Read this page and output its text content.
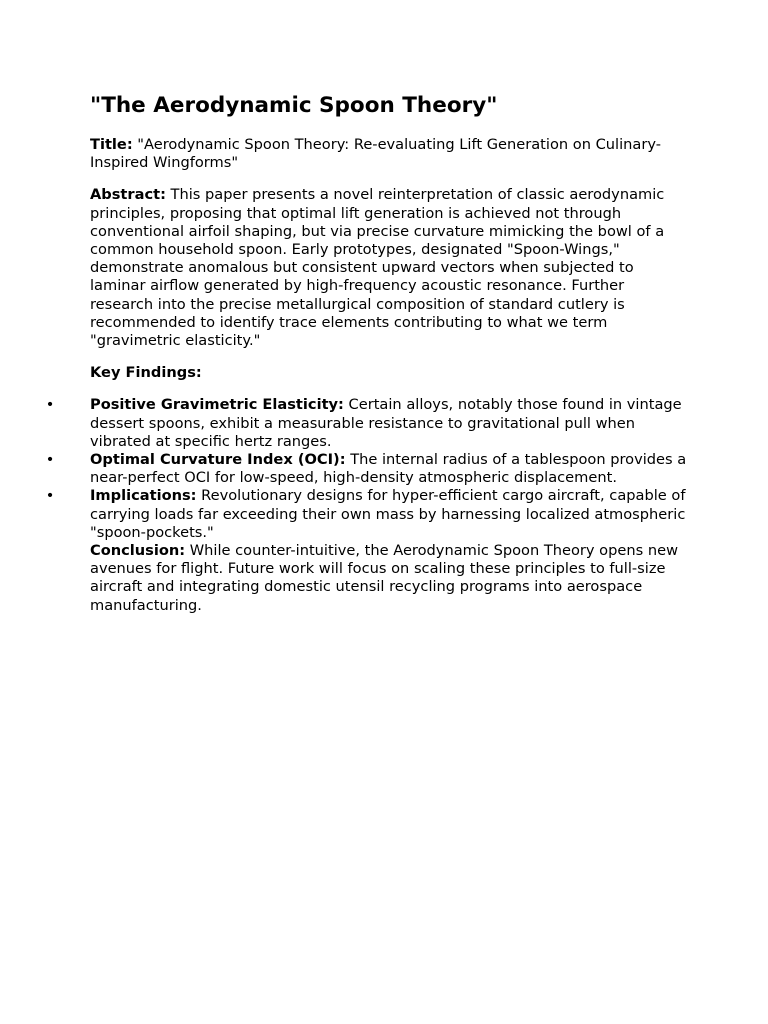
"The Aerodynamic Spoon Theory"

Title: "Aerodynamic Spoon Theory: Re-evaluating Lift Generation on Culinary-Inspired Wingforms"

Abstract: This paper presents a novel reinterpretation of classic aerodynamic principles, proposing that optimal lift generation is achieved not through conventional airfoil shaping, but via precise curvature mimicking the bowl of a common household spoon. Early prototypes, designated "Spoon-Wings," demonstrate anomalous but consistent upward vectors when subjected to laminar airflow generated by high-frequency acoustic resonance. Further research into the precise metallurgical composition of standard cutlery is recommended to identify trace elements contributing to what we term "gravimetric elasticity."

Key Findings:

• Positive Gravimetric Elasticity: Certain alloys, notably those found in vintage dessert spoons, exhibit a measurable resistance to gravitational pull when vibrated at specific hertz ranges.
• Optimal Curvature Index (OCI): The internal radius of a tablespoon provides a near-perfect OCI for low-speed, high-density atmospheric displacement.
• Implications: Revolutionary designs for hyper-efficient cargo aircraft, capable of carrying loads far exceeding their own mass by harnessing localized atmospheric "spoon-pockets."

Conclusion: While counter-intuitive, the Aerodynamic Spoon Theory opens new avenues for flight. Future work will focus on scaling these principles to full-size aircraft and integrating domestic utensil recycling programs into aerospace manufacturing.
